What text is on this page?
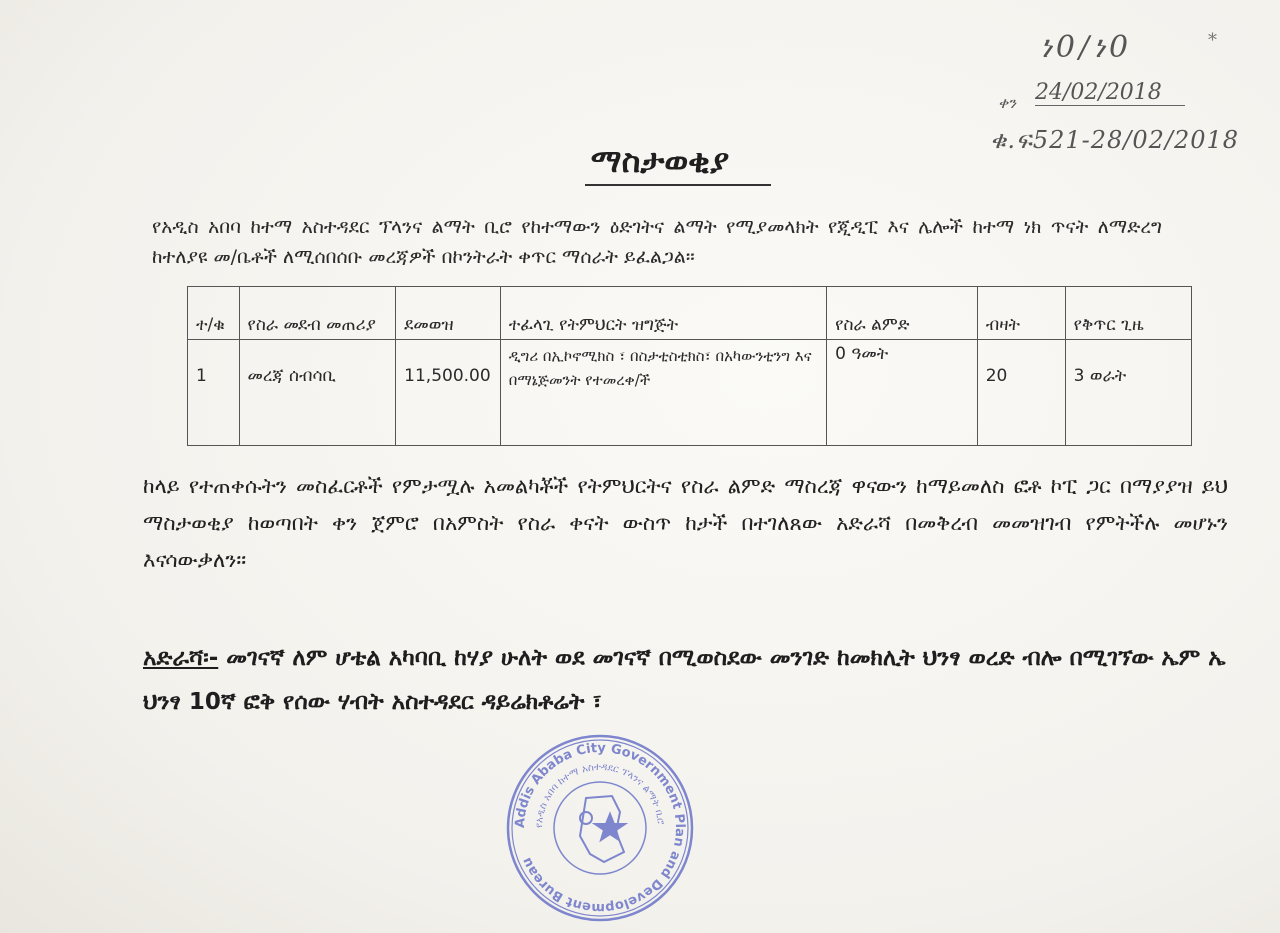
ነ0/ነ0	*
ቀን 24/02/2018
ቁ.ፍ521-28/02/2018
ማስታወቂያ
የአዲስ አበባ ከተማ አስተዳደር ፕላንና ልማት ቢሮ የከተማውን ዕድገትና ልማት የሚያመላክት የጂዲፒ እና ሌሎች ከተማ ነክ ጥናት ለማድረግ ከተለያዩ መ/ቤቶች ለሚሰበሰቡ መረጃዎች በኮንትራት ቀጥር ማሰራት ይፈልጋል።
ተ/ቁ	የስራ መደብ መጠሪያ	ደመወዝ	ተፈላጊ የትምህርት ዝግጅት	የስራ ልምድ	ብዛት	የቅጥር ጊዜ
1	መረጃ ሰብሳቢ	11,500.00	ዲግሪ በኢኮኖሚክስ ፣ በስታቲስቲክስ፣ በአካውንቲንግ እና በማኔጅመንት የተመረቀ/ች	0 ዓመት	20	3 ወራት
ከላይ የተጠቀሱትን መስፈርቶች የምታሟሉ አመልካቾች የትምህርትና የስራ ልምድ ማስረጃ ዋናውን ከማይመለስ ፎቶ ኮፒ ጋር በማያያዝ ይህ ማስታወቂያ ከወጣበት ቀን ጀምሮ በአምስት የስራ ቀናት ውስጥ ከታች በተገለጸው አድራሻ በመቅረብ መመዝገብ የምትችሉ መሆኑን እናሳውቃለን።
አድራሻ፡- መገናኛ ለም ሆቴል አካባቢ ከሃያ ሁለት ወደ መገናኛ በሚወስደው መንገድ ከመክሊት ህንፃ ወረድ ብሎ በሚገኘው ኤም ኤ ህንፃ 10ኛ ፎቅ የሰው ሃብት አስተዳደር ዳይሬክቶሬት ፣
Addis Ababa City Government Plan and Development Bureau
የአዲስ አበባ ከተማ አስተዳደር ፕላንና ልማት ቢሮ
